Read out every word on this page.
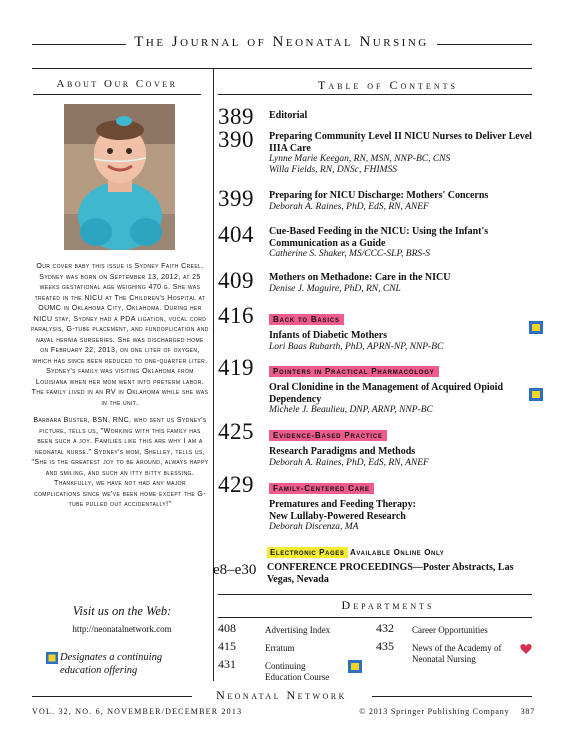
The Journal of Neonatal Nursing
About Our Cover

Our cover baby this issue is Sydney Faith Creel. Sydney was born on September 13, 2012, at 25 weeks gestational age weighing 470 g. She was treated in the NICU at The Children's Hospital at OUMC in Oklahoma City, Oklahoma. During her NICU stay, Sydney had a PDA ligation, vocal cord paralysis, G-tube placement, and fundoplication and naval hernia surgeries. She was discharged home on February 22, 2013, on one liter of oxygen, which has since been reduced to one-quarter liter. Sydney's family was visiting Oklahoma from Louisiana when her mom went into preterm labor. The family lived in an RV in Oklahoma while she was in the unit.

Barbara Buster, BSN, RNC, who sent us Sydney's picture, tells us, "Working with this family has been such a joy. Families like this are why I am a neonatal nurse." Sydney's mom, Shelley, tells us, "She is the greatest joy to be around, always happy and smiling, and such an itty bitty blessing. Thankfully, we have not had any major complications since we've been home except the G-tube pulled out accidentally!"

Visit us on the Web:
http://neonatalnetwork.com
Designates a continuing education offering
Table of Contents
389 Editorial
390 Preparing Community Level II NICU Nurses to Deliver Level IIIA Care
Lynne Marie Keegan, RN, MSN, NNP-BC, CNS
Willa Fields, RN, DNSc, FHIMSS
399 Preparing for NICU Discharge: Mothers' Concerns
Deborah A. Raines, PhD, EdS, RN, ANEF
404 Cue-Based Feeding in the NICU: Using the Infant's Communication as a Guide
Catherine S. Shaker, MS/CCC-SLP, BRS-S
409 Mothers on Methadone: Care in the NICU
Denise J. Maguire, PhD, RN, CNL
416	Back to Basics
Infants of Diabetic Mothers
Lori Baas Rubarth, PhD, APRN-NP, NNP-BC
419	Pointers in Practical Pharmacology
Oral Clonidine in the Management of Acquired Opioid Dependency
Michele J. Beaulieu, DNP, ARNP, NNP-BC
425	Evidence-Based Practice
Research Paradigms and Methods
Deborah A. Raines, PhD, EdS, RN, ANEF
429	Family-Centered Care
Prematures and Feeding Therapy: New Lullaby-Powered Research
Deborah Discenza, MA
Electronic Pages Available Online Only
e8–e30 CONFERENCE PROCEEDINGS—Poster Abstracts, Las Vegas, Nevada
Departments
408	Advertising Index
415	Erratum
431	Continuing Education Course
432	Career Opportunities
435	News of the Academy of Neonatal Nursing
Neonatal Network
VOL. 32, NO. 6, NOVEMBER/DECEMBER 2013	© 2013 Springer Publishing Company 387
